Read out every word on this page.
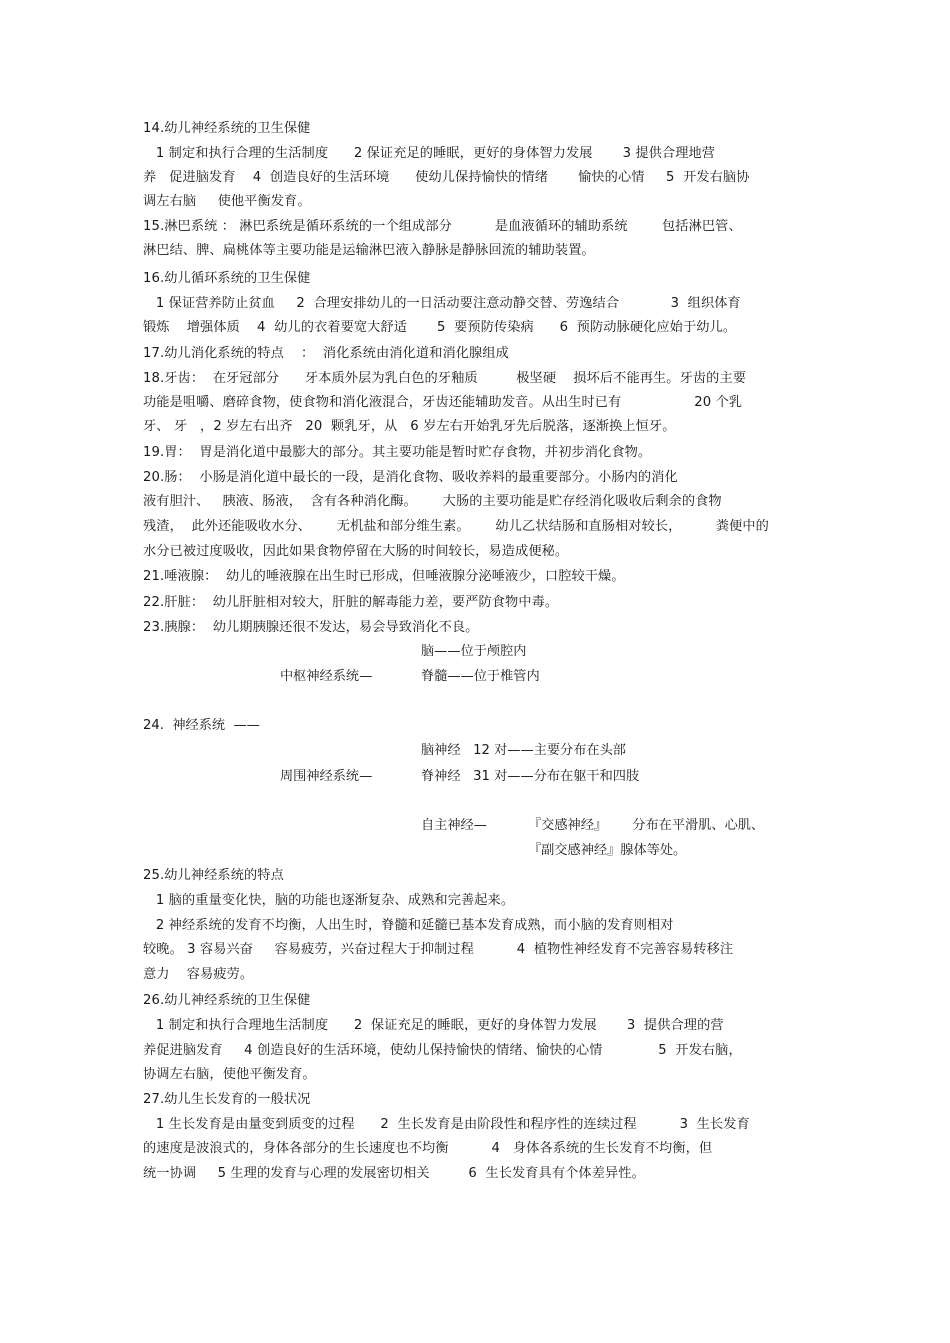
14.幼儿神经系统的卫生保健
1 制定和执行合理的生活制度      2 保证充足的睡眠，更好的身体智力发展       3 提供合理地营
养   促进脑发育    4  创造良好的生活环境      使幼儿保持愉快的情绪       愉快的心情     5  开发右脑协
调左右脑     使他平衡发育。
15.淋巴系统 ： 淋巴系统是循环系统的一个组成部分          是血液循环的辅助系统        包括淋巴管、
淋巴结、脾、扁桃体等主要功能是运输淋巴液入静脉是静脉回流的辅助装置。
16.幼儿循环系统的卫生保健
1 保证营养防止贫血     2  合理安排幼儿的一日活动要注意动静交替、劳逸结合            3  组织体育
锻炼    增强体质    4  幼儿的衣着要宽大舒适       5  要预防传染病      6  预防动脉硬化应始于幼儿。
17.幼儿消化系统的特点    ：  消化系统由消化道和消化腺组成
18.牙齿：  在牙冠部分      牙本质外层为乳白色的牙釉质         极坚硬    损坏后不能再生。牙齿的主要
功能是咀嚼、磨碎食物，使食物和消化液混合，牙齿还能辅助发音。从出生时已有                 20 个乳
牙、 牙   ，2 岁左右出齐   20  颗乳牙，从   6 岁左右开始乳牙先后脱落，逐渐换上恒牙。
19.胃：  胃是消化道中最膨大的部分。其主要功能是暂时贮存食物，并初步消化食物。
20.肠：  小肠是消化道中最长的一段，是消化食物、吸收养料的最重要部分。小肠内的消化
液有胆汁、   胰液、肠液，  含有各种消化酶。      大肠的主要功能是贮存经消化吸收后剩余的食物
残渣，  此外还能吸收水分、      无机盐和部分维生素。      幼儿乙状结肠和直肠相对较长，        粪便中的
水分已被过度吸收，因此如果食物停留在大肠的时间较长，易造成便秘。
21.唾液腺：  幼儿的唾液腺在出生时已形成，但唾液腺分泌唾液少，口腔较干燥。
22.肝脏：  幼儿肝脏相对较大，肝脏的解毒能力差，要严防食物中毒。
23.胰腺：  幼儿期胰腺还很不发达，易会导致消化不良。
脑——位于颅腔内
中枢神经系统—	脊髓——位于椎管内
24.  神经系统  ——
脑神经   12 对——主要分布在头部
周围神经系统—	脊神经   31 对——分布在躯干和四肢
自主神经—	『交感神经』      分布在平滑肌、心肌、
『副交感神经』腺体等处。
25.幼儿神经系统的特点
1 脑的重量变化快，脑的功能也逐渐复杂、成熟和完善起来。
2 神经系统的发育不均衡，人出生时，脊髓和延髓已基本发育成熟，而小脑的发育则相对
较晚。 3 容易兴奋     容易疲劳，兴奋过程大于抑制过程          4  植物性神经发育不完善容易转移注
意力    容易疲劳。
26.幼儿神经系统的卫生保健
1 制定和执行合理地生活制度      2  保证充足的睡眠，更好的身体智力发展       3  提供合理的营
养促进脑发育     4 创造良好的生活环境，使幼儿保持愉快的情绪、愉快的心情             5  开发右脑，
协调左右脑，使他平衡发育。
27.幼儿生长发育的一般状况
1 生长发育是由量变到质变的过程      2  生长发育是由阶段性和程序性的连续过程          3  生长发育
的速度是波浪式的，身体各部分的生长速度也不均衡          4   身体各系统的生长发育不均衡，但
统一协调     5 生理的发育与心理的发展密切相关         6  生长发育具有个体差异性。
